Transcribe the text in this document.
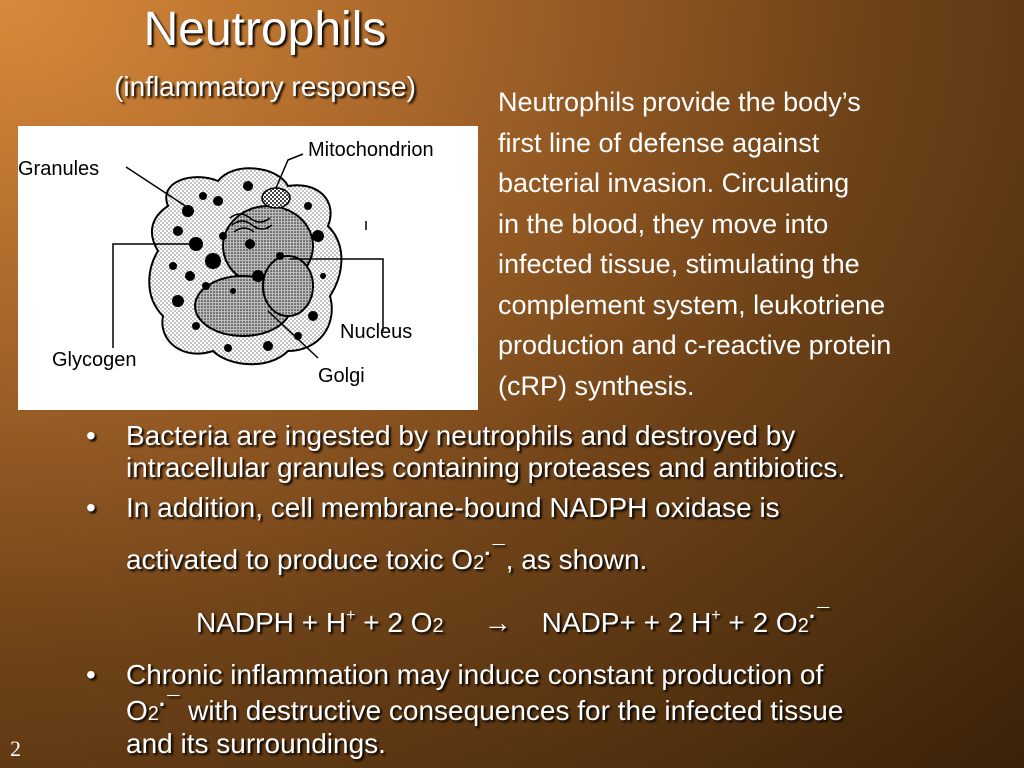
Neutrophils
(inflammatory response)
Granules
Mitochondrion
Nucleus
Glycogen
Golgi
Neutrophils provide the body’s
first line of defense against
bacterial invasion. Circulating
in the blood, they move into
infected tissue, stimulating the
complement system, leukotriene
production and c-reactive protein
(cRP) synthesis.
• Bacteria are ingested by neutrophils and destroyed by
intracellular granules containing proteases and antibiotics.
• In addition, cell membrane-bound NADPH oxidase is
activated to produce toxic O2·¯, as shown.
NADPH + H+ + 2 O2 → NADP+ + 2 H+ + 2 O2·¯
• Chronic inflammation may induce constant production of
O2·¯ with destructive consequences for the infected tissue
and its surroundings.
2
